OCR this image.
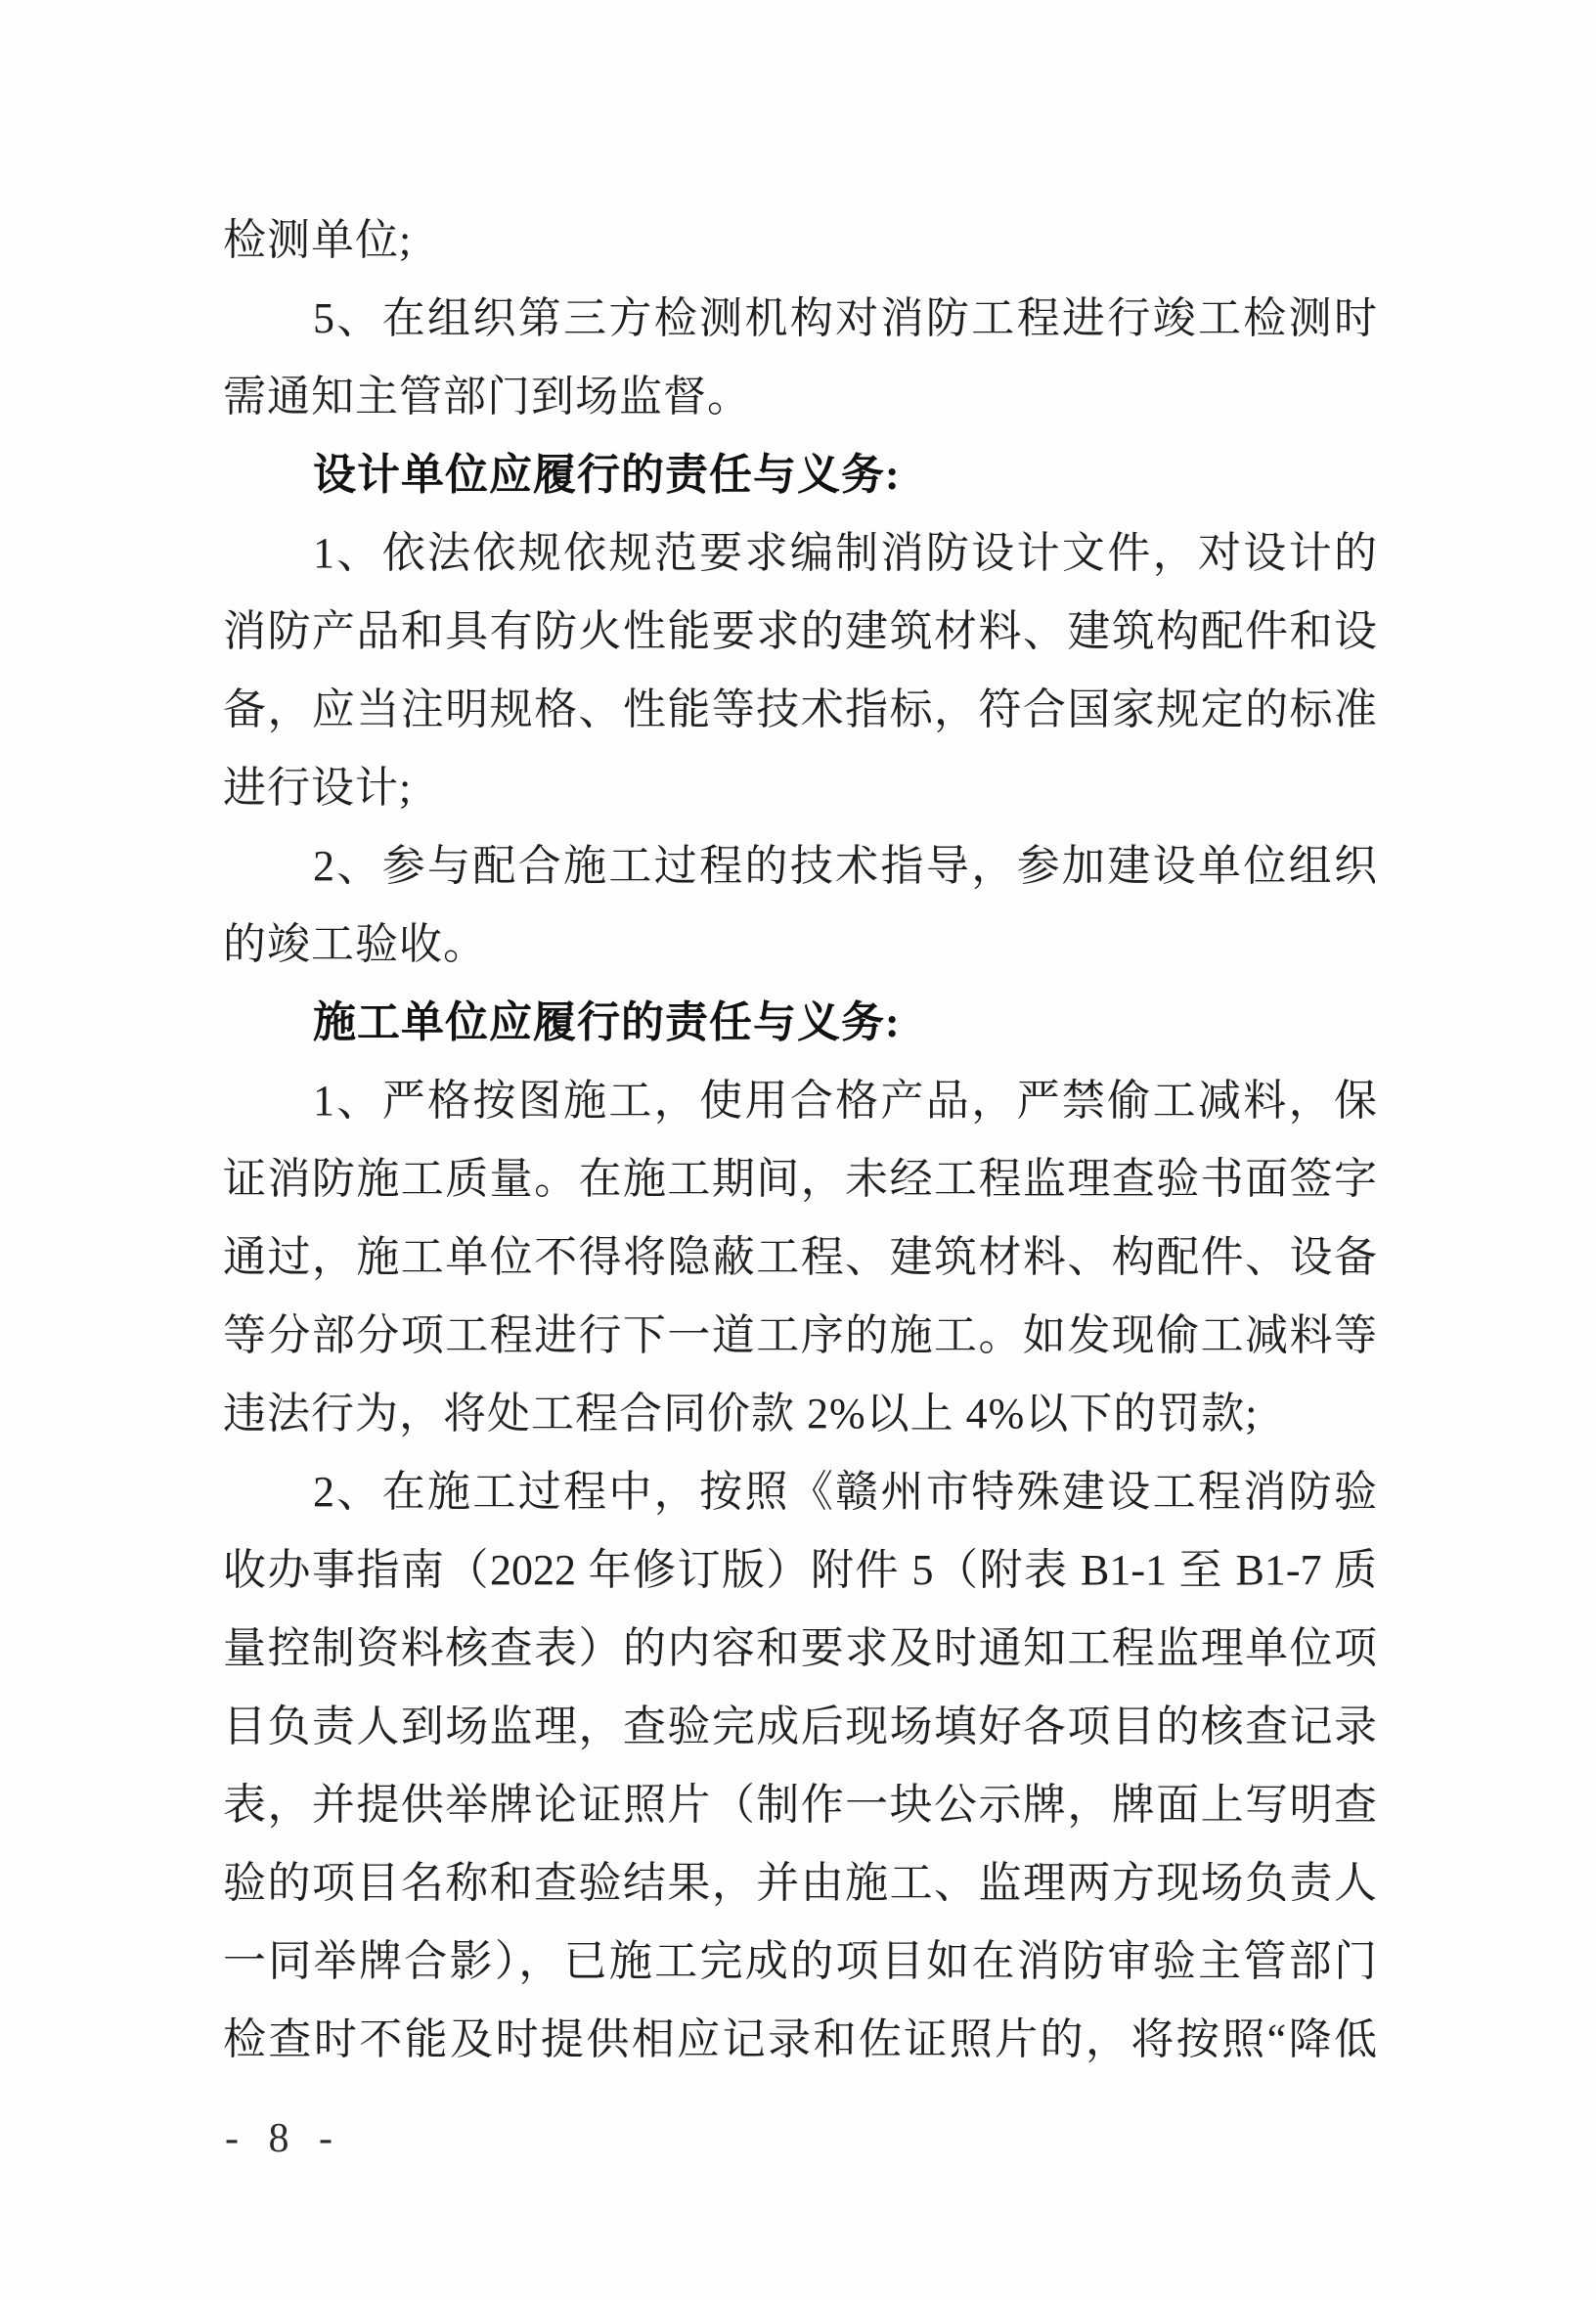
检测单位;
5、在组织第三方检测机构对消防工程进行竣工检测时
需通知主管部门到场监督。
设计单位应履行的责任与义务:
1、依法依规依规范要求编制消防设计文件，对设计的
消防产品和具有防火性能要求的建筑材料、建筑构配件和设
备，应当注明规格、性能等技术指标，符合国家规定的标准
进行设计;
2、参与配合施工过程的技术指导，参加建设单位组织
的竣工验收。
施工单位应履行的责任与义务:
1、严格按图施工，使用合格产品，严禁偷工减料，保
证消防施工质量。在施工期间，未经工程监理查验书面签字
通过，施工单位不得将隐蔽工程、建筑材料、构配件、设备
等分部分项工程进行下一道工序的施工。如发现偷工减料等
违法行为，将处工程合同价款 2%以上 4%以下的罚款;
2、在施工过程中，按照《赣州市特殊建设工程消防验
收办事指南（2022 年修订版）附件 5（附表 B1-1 至 B1-7 质
量控制资料核查表）的内容和要求及时通知工程监理单位项
目负责人到场监理，查验完成后现场填好各项目的核查记录
表，并提供举牌论证照片（制作一块公示牌，牌面上写明查
验的项目名称和查验结果，并由施工、监理两方现场负责人
一同举牌合影），已施工完成的项目如在消防审验主管部门
检查时不能及时提供相应记录和佐证照片的，将按照“降低
- 8 -
